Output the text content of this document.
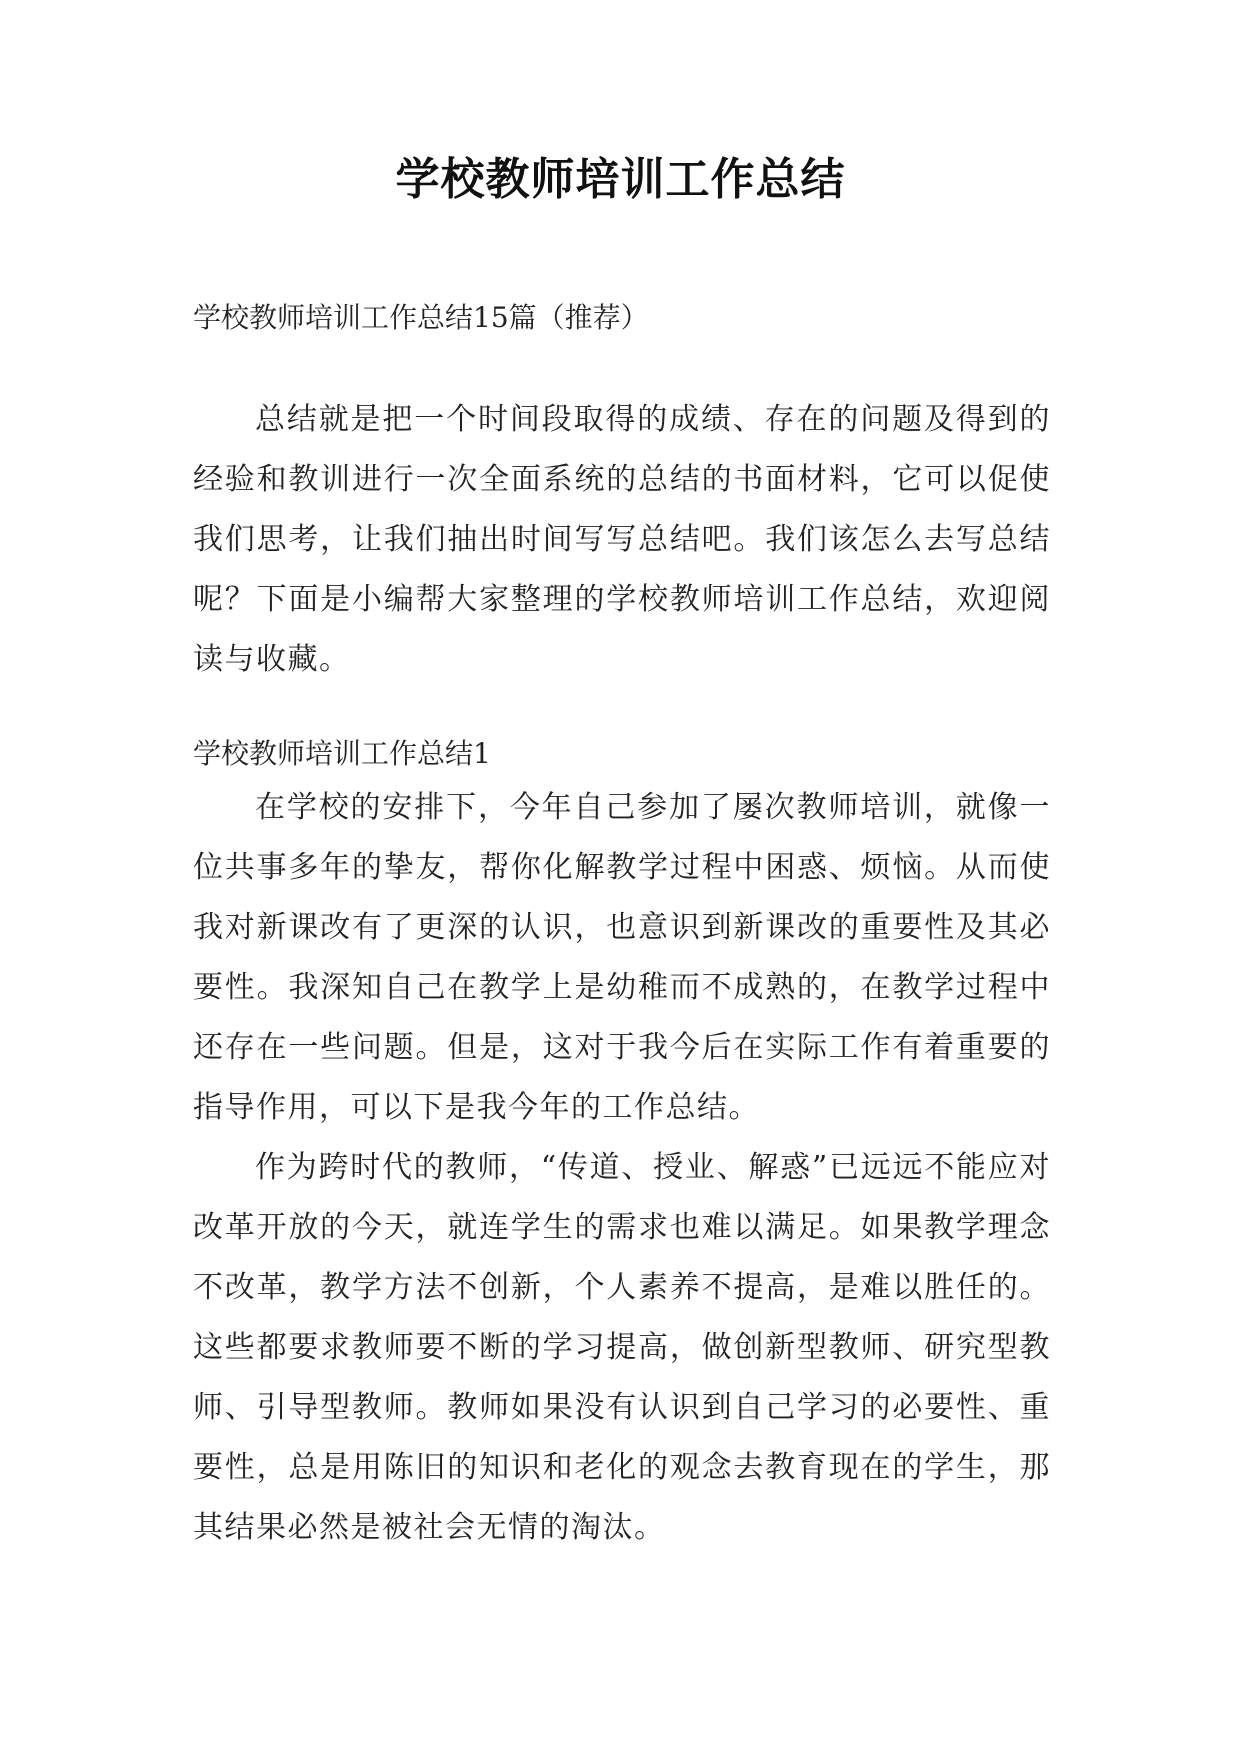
学校教师培训工作总结

学校教师培训工作总结15篇（推荐）

总结就是把一个时间段取得的成绩、存在的问题及得到的经验和教训进行一次全面系统的总结的书面材料，它可以促使我们思考，让我们抽出时间写写总结吧。我们该怎么去写总结呢？下面是小编帮大家整理的学校教师培训工作总结，欢迎阅读与收藏。

学校教师培训工作总结1

在学校的安排下，今年自己参加了屡次教师培训，就像一位共事多年的挚友，帮你化解教学过程中困惑、烦恼。从而使我对新课改有了更深的认识，也意识到新课改的重要性及其必要性。我深知自己在教学上是幼稚而不成熟的，在教学过程中还存在一些问题。但是，这对于我今后在实际工作有着重要的指导作用，可以下是我今年的工作总结。

作为跨时代的教师，“传道、授业、解惑”已远远不能应对改革开放的今天，就连学生的需求也难以满足。如果教学理念不改革，教学方法不创新，个人素养不提高，是难以胜任的。这些都要求教师要不断的学习提高，做创新型教师、研究型教师、引导型教师。教师如果没有认识到自己学习的必要性、重要性，总是用陈旧的知识和老化的观念去教育现在的学生，那其结果必然是被社会无情的淘汰。
